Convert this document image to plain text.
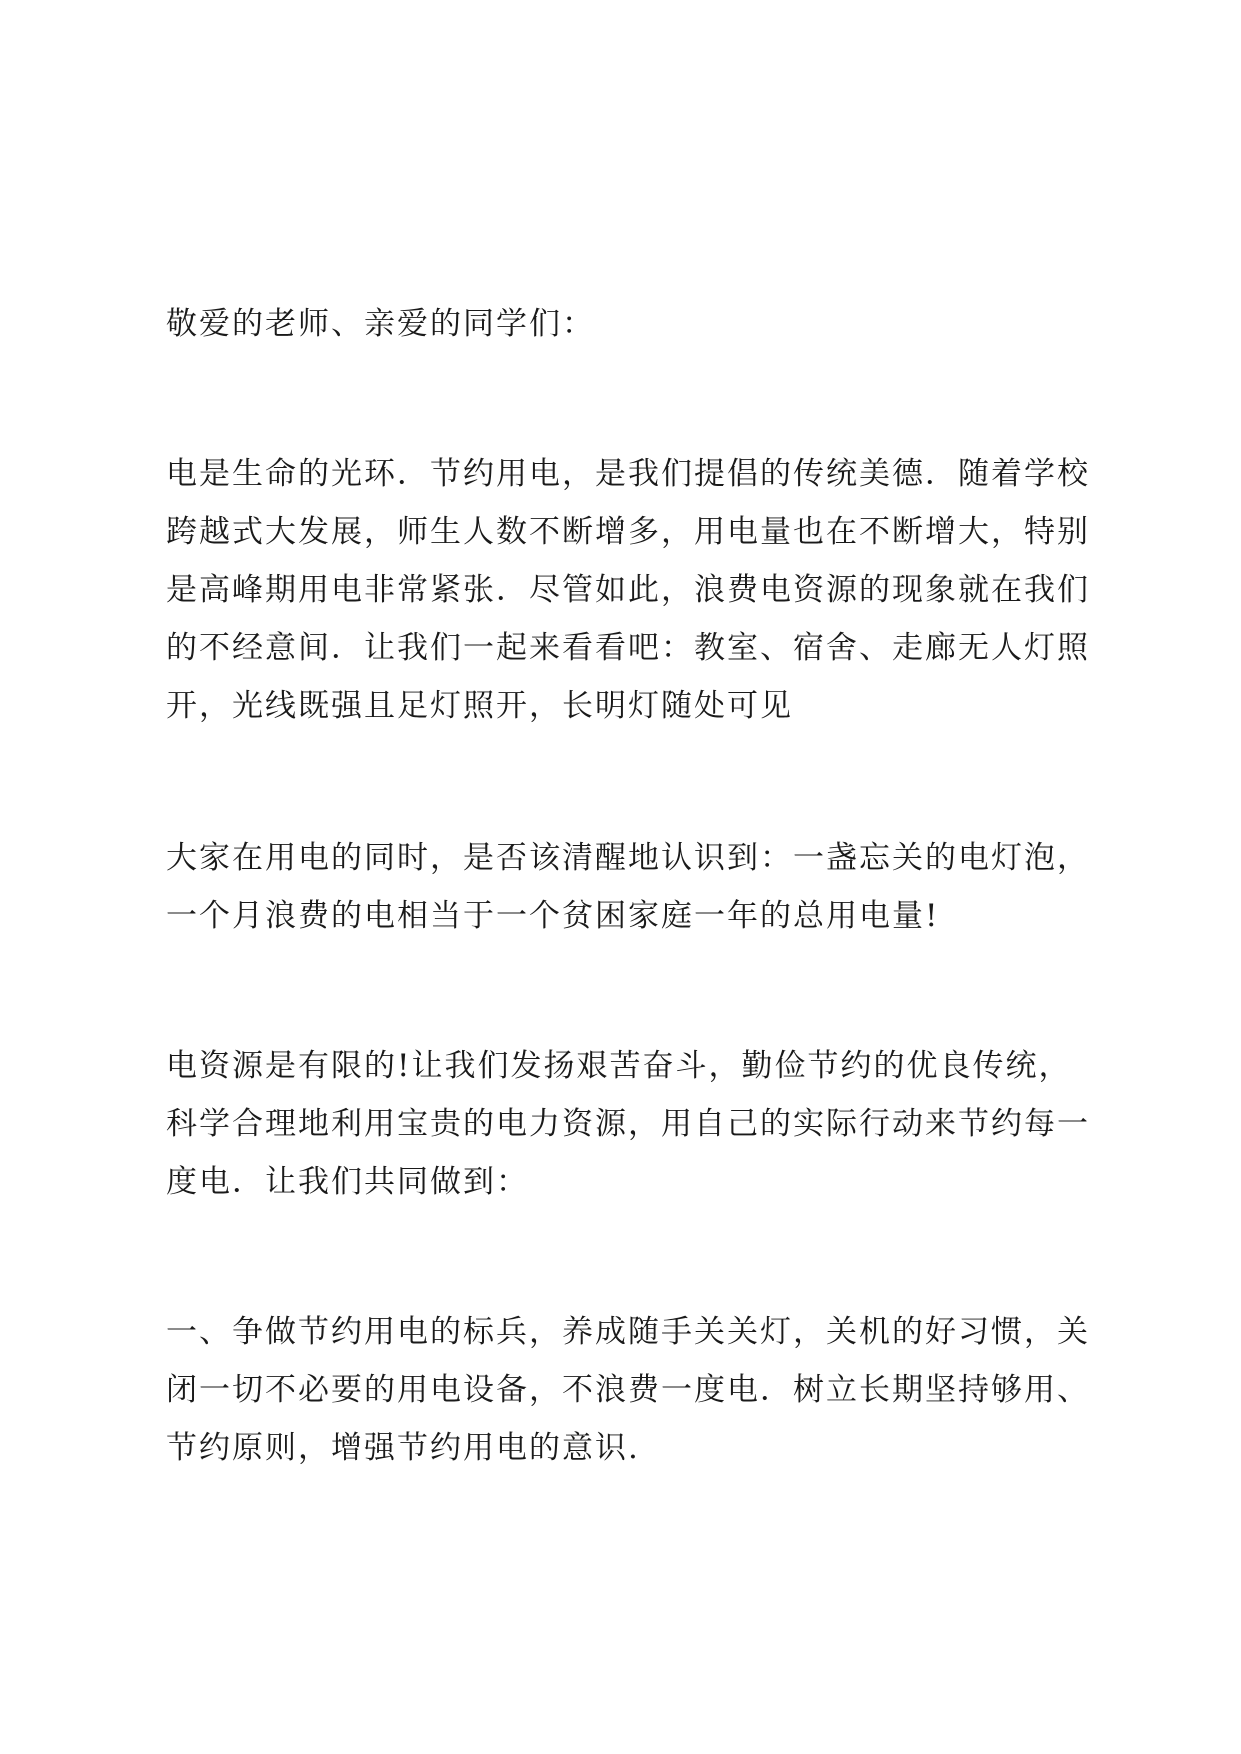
敬爱的老师、亲爱的同学们：

电是生命的光环．节约用电，是我们提倡的传统美德．随着学校
跨越式大发展，师生人数不断增多，用电量也在不断增大，特别
是高峰期用电非常紧张．尽管如此，浪费电资源的现象就在我们
的不经意间．让我们一起来看看吧：教室、宿舍、走廊无人灯照
开，光线既强且足灯照开，长明灯随处可见
大家在用电的同时，是否该清醒地认识到：一盏忘关的电灯泡，
一个月浪费的电相当于一个贫困家庭一年的总用电量!
电资源是有限的!让我们发扬艰苦奋斗，勤俭节约的优良传统，
科学合理地利用宝贵的电力资源，用自己的实际行动来节约每一
度电．让我们共同做到：
一、争做节约用电的标兵，养成随手关关灯，关机的好习惯，关
闭一切不必要的用电设备，不浪费一度电．树立长期坚持够用、
节约原则，增强节约用电的意识.
